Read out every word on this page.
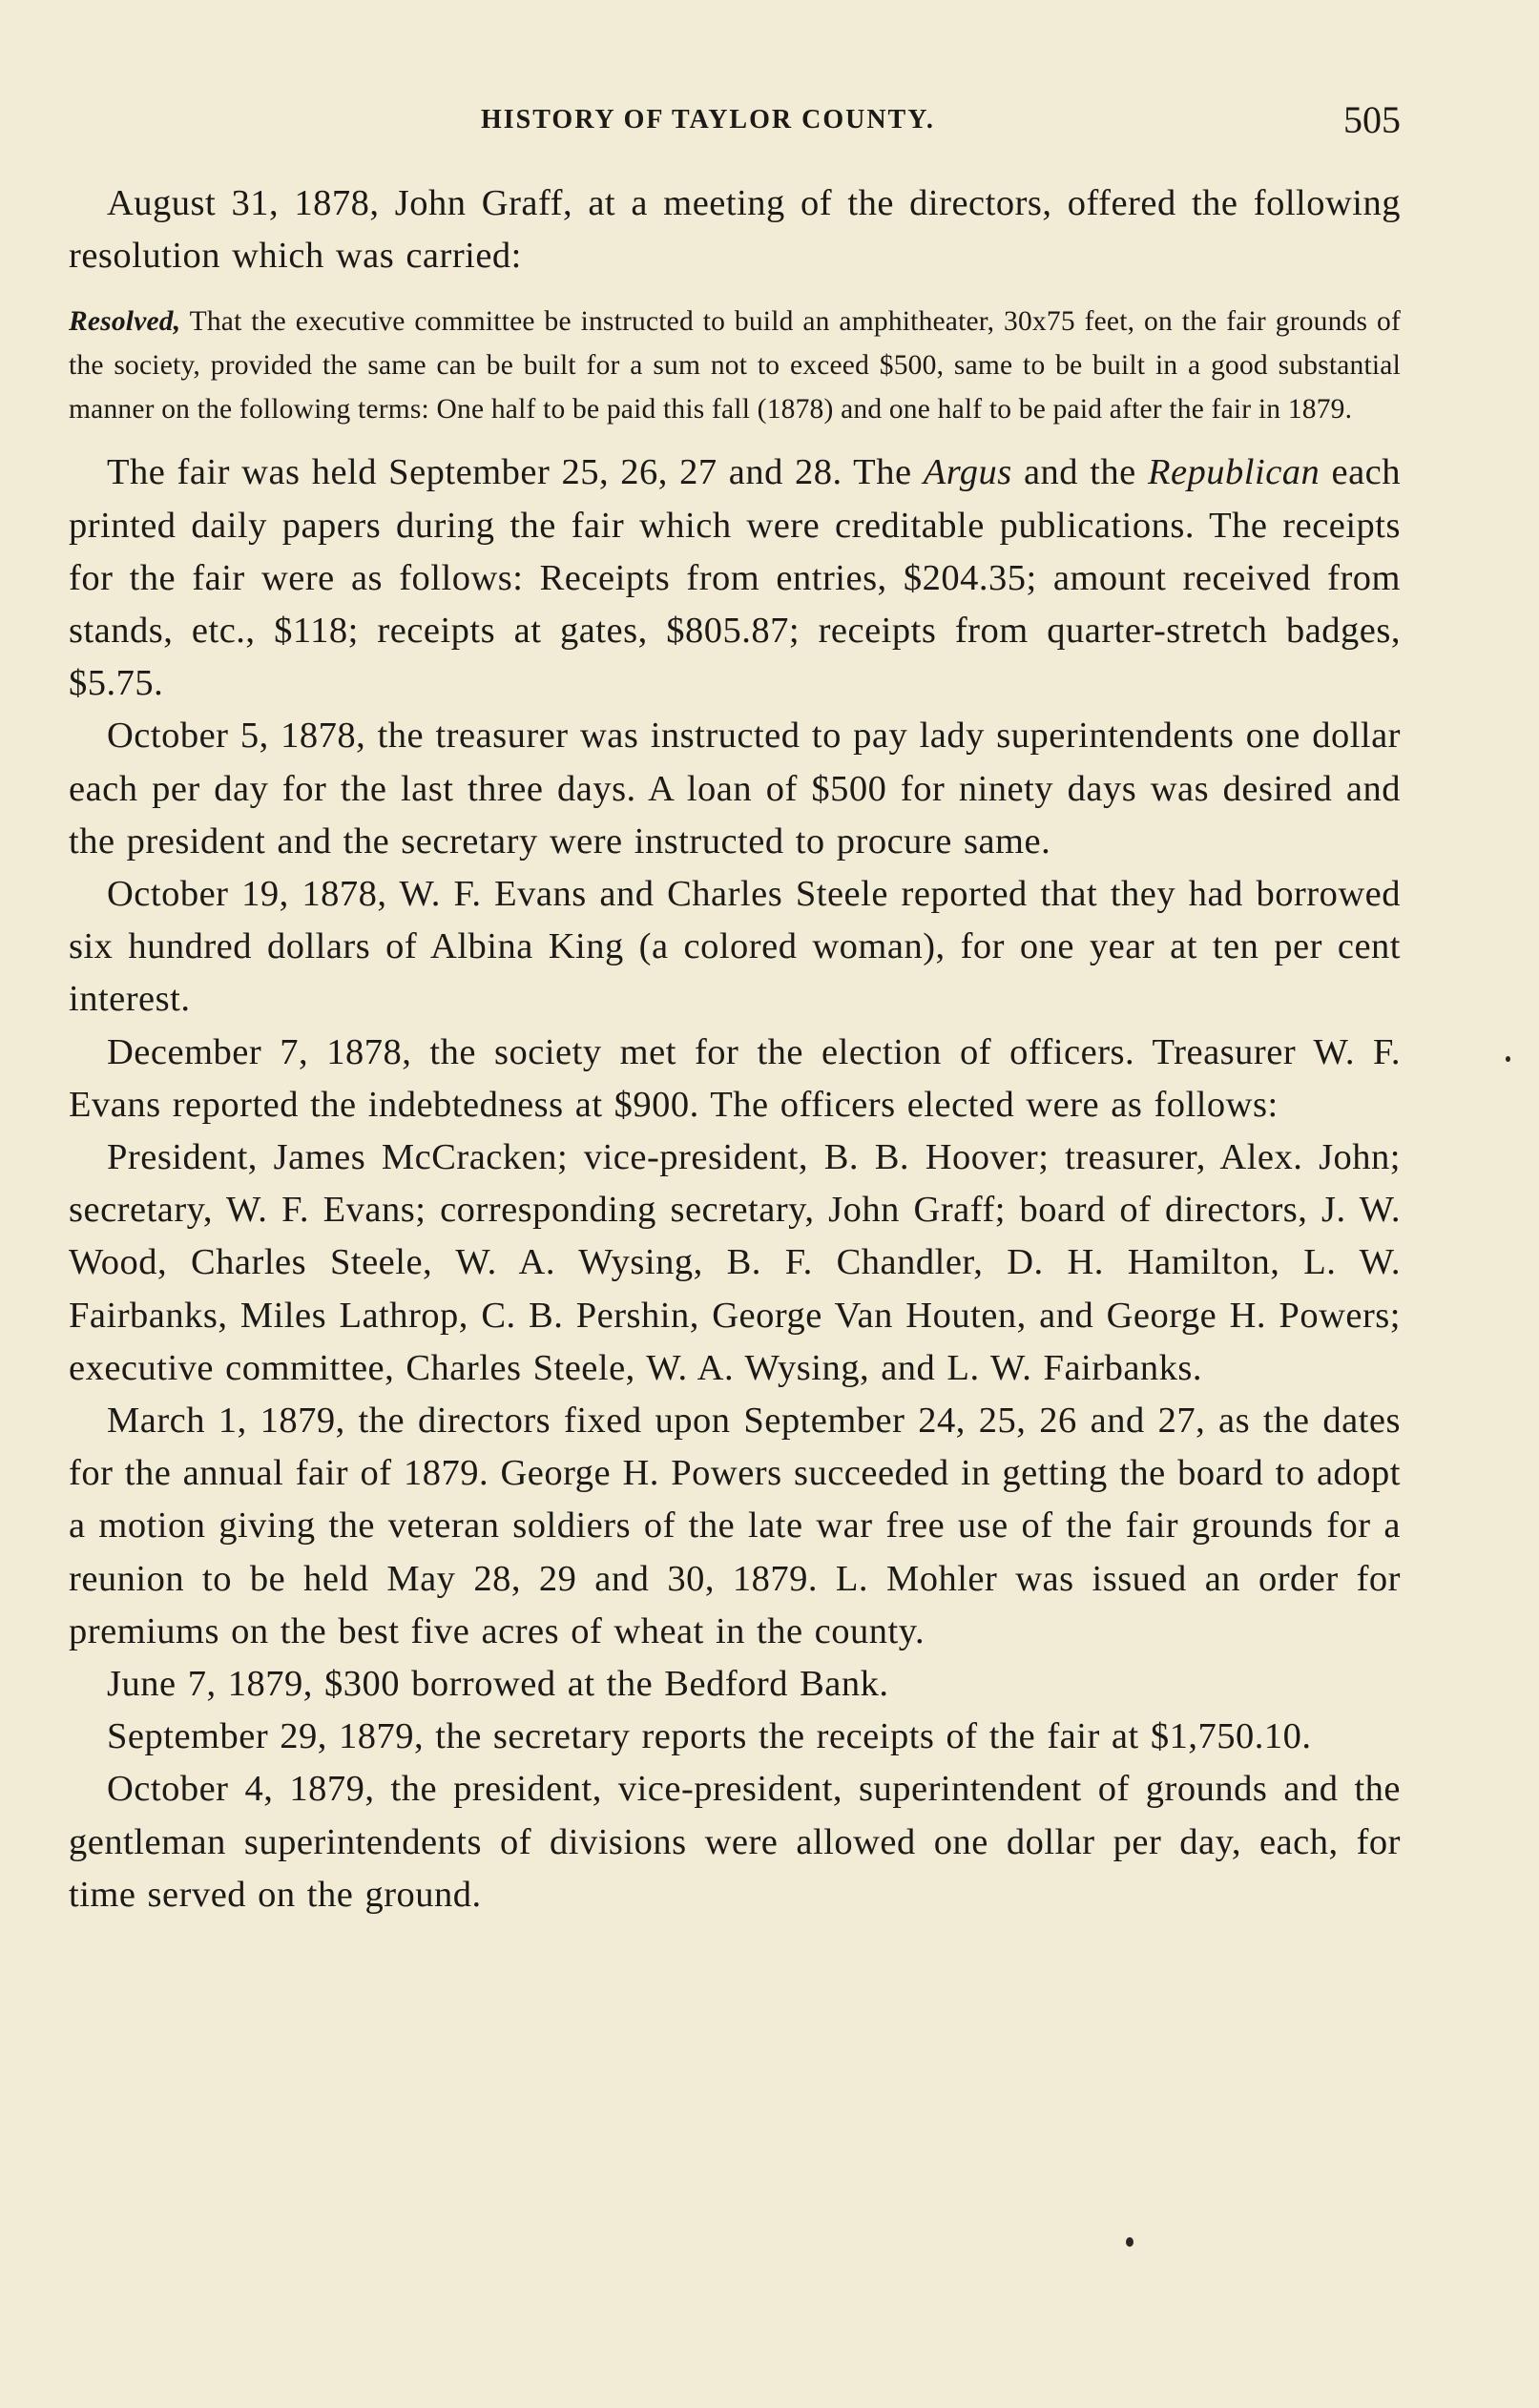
HISTORY OF TAYLOR COUNTY.	505

August 31, 1878, John Graff, at a meeting of the directors, offered the following resolution which was carried:

Resolved, That the executive committee be instructed to build an amphitheater, 30x75 feet, on the fair grounds of the society, provided the same can be built for a sum not to exceed $500, same to be built in a good substantial manner on the following terms: One half to be paid this fall (1878) and one half to be paid after the fair in 1879.

The fair was held September 25, 26, 27 and 28. The Argus and the Republican each printed daily papers during the fair which were creditable publications. The receipts for the fair were as follows: Receipts from entries, $204.35; amount received from stands, etc., $118; receipts at gates, $805.87; receipts from quarter-stretch badges, $5.75.

October 5, 1878, the treasurer was instructed to pay lady superintendents one dollar each per day for the last three days. A loan of $500 for ninety days was desired and the president and the secretary were instructed to procure same.

October 19, 1878, W. F. Evans and Charles Steele reported that they had borrowed six hundred dollars of Albina King (a colored woman), for one year at ten per cent interest.

December 7, 1878, the society met for the election of officers. Treasurer W. F. Evans reported the indebtedness at $900. The officers elected were as follows:

President, James McCracken; vice-president, B. B. Hoover; treasurer, Alex. John; secretary, W. F. Evans; corresponding secretary, John Graff; board of directors, J. W. Wood, Charles Steele, W. A. Wysing, B. F. Chandler, D. H. Hamilton, L. W. Fairbanks, Miles Lathrop, C. B. Pershin, George Van Houten, and George H. Powers; executive committee, Charles Steele, W. A. Wysing, and L. W. Fairbanks.

March 1, 1879, the directors fixed upon September 24, 25, 26 and 27, as the dates for the annual fair of 1879. George H. Powers succeeded in getting the board to adopt a motion giving the veteran soldiers of the late war free use of the fair grounds for a reunion to be held May 28, 29 and 30, 1879. L. Mohler was issued an order for premiums on the best five acres of wheat in the county.

June 7, 1879, $300 borrowed at the Bedford Bank.

September 29, 1879, the secretary reports the receipts of the fair at $1,750.10.

October 4, 1879, the president, vice-president, superintendent of grounds and the gentleman superintendents of divisions were allowed one dollar per day, each, for time served on the ground.
